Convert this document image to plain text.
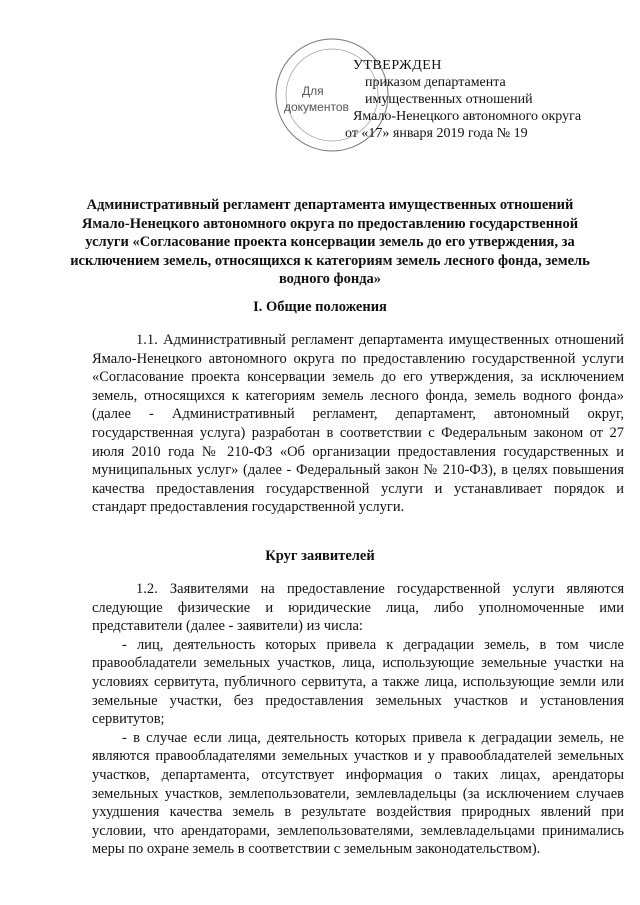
Для
документов
УТВЕРЖДЕН
приказом департамента
имущественных отношений
Ямало-Ненецкого автономного округа
от «17» января 2019 года № 19
Административный регламент департамента имущественных отношений Ямало-Ненецкого автономного округа по предоставлению государственной услуги «Согласование проекта консервации земель до его утверждения, за исключением земель, относящихся к категориям земель лесного фонда, земель водного фонда»
I. Общие положения

1.1. Административный регламент департамента имущественных отношений Ямало-Ненецкого автономного округа по предоставлению государственной услуги «Согласование проекта консервации земель до его утверждения, за исключением земель, относящихся к категориям земель лесного фонда, земель водного фонда» (далее - Административный регламент, департамент, автономный округ, государственная услуга) разработан в соответствии с Федеральным законом от 27 июля 2010 года № 210-ФЗ «Об организации предоставления государственных и муниципальных услуг» (далее - Федеральный закон № 210-ФЗ), в целях повышения качества предоставления государственной услуги и устанавливает порядок и стандарт предоставления государственной услуги.

Круг заявителей

1.2. Заявителями на предоставление государственной услуги являются следующие физические и юридические лица, либо уполномоченные ими представители (далее - заявители) из числа:

- лиц, деятельность которых привела к деградации земель, в том числе правообладатели земельных участков, лица, использующие земельные участки на условиях сервитута, публичного сервитута, а также лица, использующие земли или земельные участки, без предоставления земельных участков и установления сервитутов;

- в случае если лица, деятельность которых привела к деградации земель, не являются правообладателями земельных участков и у правообладателей земельных участков, департамента, отсутствует информация о таких лицах, арендаторы земельных участков, землепользователи, землевладельцы (за исключением случаев ухудшения качества земель в результате воздействия природных явлений при условии, что арендаторами, землепользователями, землевладельцами принимались меры по охране земель в соответствии с земельным законодательством).
